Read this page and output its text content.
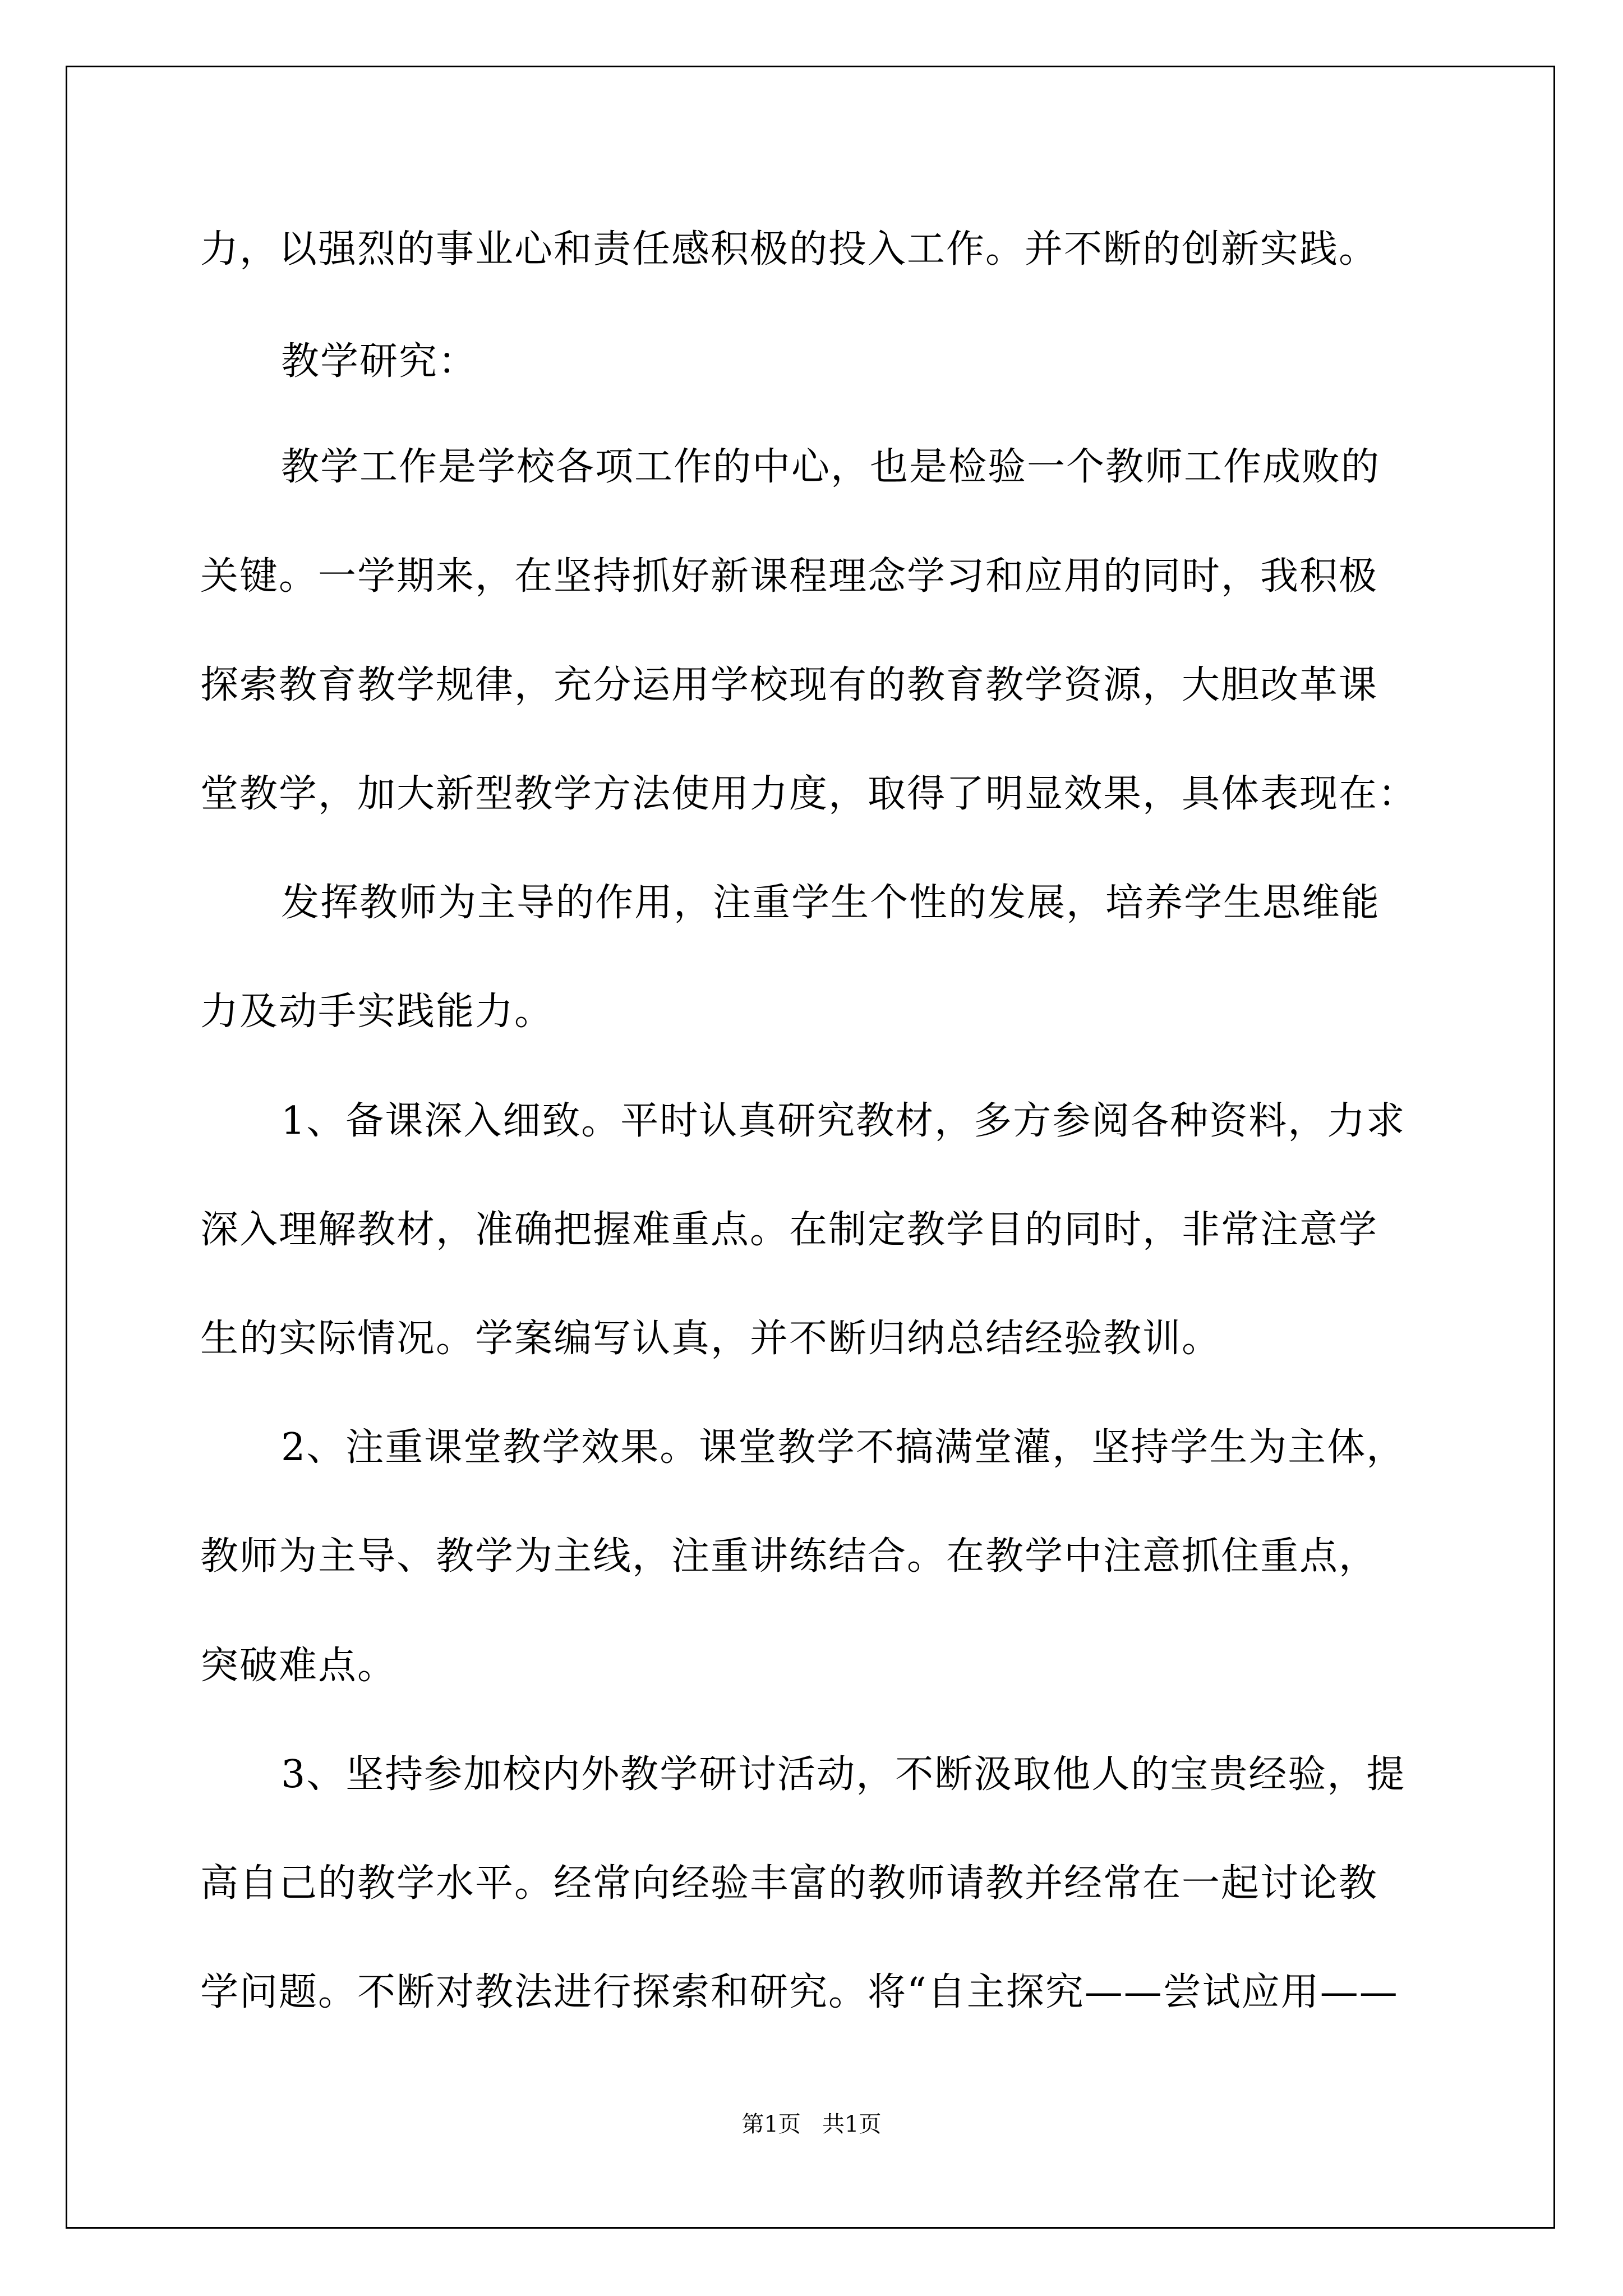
力，以强烈的事业心和责任感积极的投入工作。并不断的创新实践。
教学研究：
教学工作是学校各项工作的中心，也是检验一个教师工作成败的
关键。一学期来，在坚持抓好新课程理念学习和应用的同时，我积极
探索教育教学规律，充分运用学校现有的教育教学资源，大胆改革课
堂教学，加大新型教学方法使用力度，取得了明显效果，具体表现在：
发挥教师为主导的作用，注重学生个性的发展，培养学生思维能
力及动手实践能力。
1、备课深入细致。平时认真研究教材，多方参阅各种资料，力求
深入理解教材，准确把握难重点。在制定教学目的同时，非常注意学
生的实际情况。学案编写认真，并不断归纳总结经验教训。
2、注重课堂教学效果。课堂教学不搞满堂灌，坚持学生为主体，
教师为主导、教学为主线，注重讲练结合。在教学中注意抓住重点，
突破难点。
3、坚持参加校内外教学研讨活动，不断汲取他人的宝贵经验，提
高自己的教学水平。经常向经验丰富的教师请教并经常在一起讨论教
学问题。不断对教法进行探索和研究。将“自主探究——尝试应用——
第1页   共1页
